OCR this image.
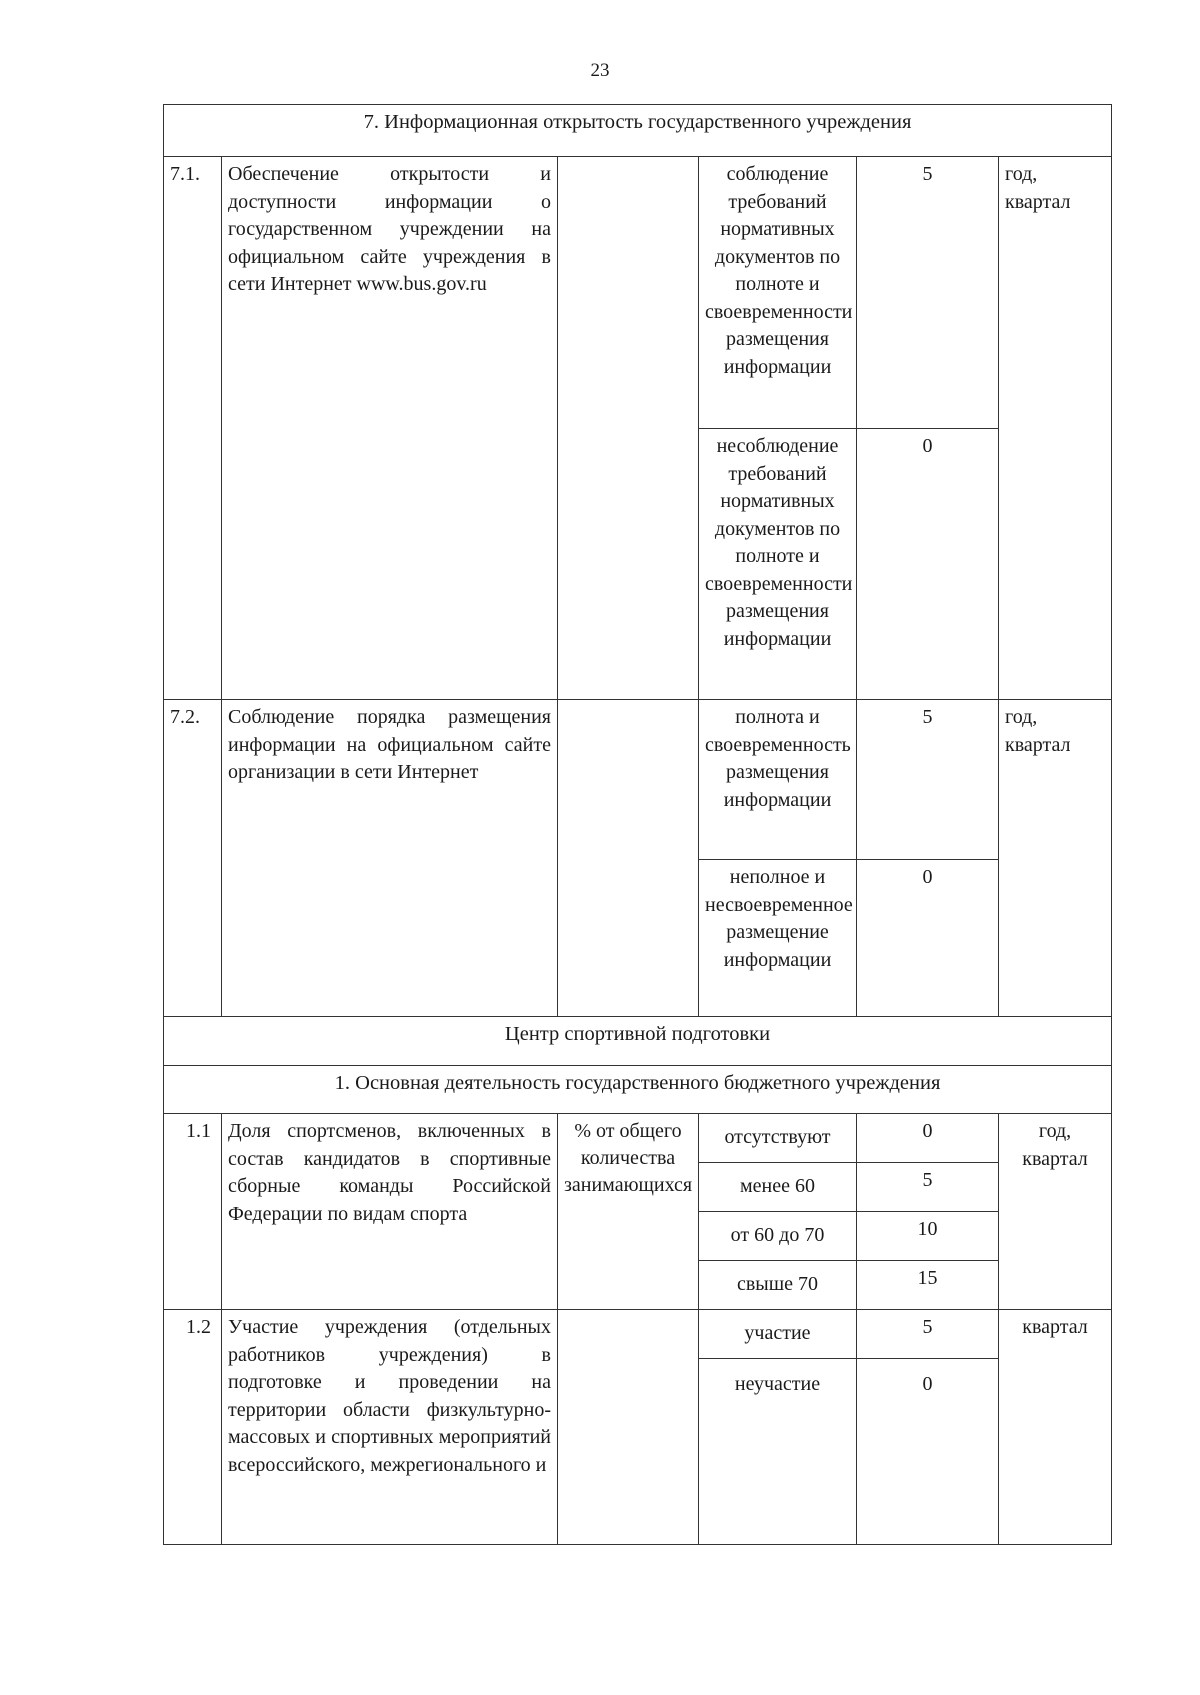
23
7. Информационная открытость государственного учреждения					
7.1.	Обеспечение открытости и доступности информации о государственном учреждении на официальном сайте учреждения в сети Интернет www.bus.gov.ru		соблюдение требований нормативных документов по полноте и своевременности размещения информации	5	год, квартал
			несоблюдение требований нормативных документов по полноте и своевременности размещения информации	0	
7.2.	Соблюдение порядка размещения информации на официальном сайте организации в сети Интернет		полнота и своевременность размещения информации	5	год, квартал
			неполное и несвоевременное размещение информации	0	
Центр спортивной подготовки					
1. Основная деятельность государственного бюджетного учреждения					
1.1	Доля спортсменов, включенных в состав кандидатов в спортивные сборные команды Российской Федерации по видам спорта	% от общего количества занимающихся	отсутствуют	0	год, квартал
			менее 60	5	
			от 60 до 70	10	
			свыше 70	15	
1.2	Участие учреждения (отдельных работников учреждения) в подготовке и проведении на территории области физкультурно-массовых и спортивных мероприятий всероссийского, межрегионального и		участие	5	квартал
			неучастие	0	
